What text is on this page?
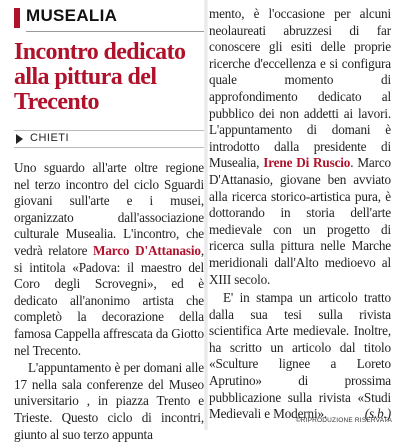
MUSEALIA
Incontro dedicato alla pittura del Trecento
CHIETI

Uno sguardo all'arte oltre regione nel terzo incontro del ciclo Sguardi giovani sull'arte e i musei, organizzato dall'associazione culturale Musealia. L'incontro, che vedrà relatore Marco D'Attanasio, si intitola «Padova: il maestro del Coro degli Scrovegni», ed è dedicato all'anonimo artista che completò la decorazione della famosa Cappella affrescata da Giotto nel Trecento.

L'appuntamento è per domani alle 17 nella sala conferenze del Museo universitario , in piazza Trento e Trieste. Questo ciclo di incontri, giunto al suo terzo appunta

mento, è l'occasione per alcuni neolaureati abruzzesi di far conoscere gli esiti delle proprie ricerche d'eccellenza e si configura quale momento di approfondimento dedicato al pubblico dei non addetti ai lavori. L'appuntamento di domani è introdotto dalla presidente di Musealia, Irene Di Ruscio. Marco D'Attanasio, giovane ben avviato alla ricerca storico-artistica pura, è dottorando in storia dell'arte medievale con un progetto di ricerca sulla pittura nelle Marche meridionali dall'Alto medioevo al XIII secolo.

E' in stampa un articolo tratto dalla sua tesi sulla rivista scientifica Arte medievale. Inoltre, ha scritto un articolo dal titolo «Sculture lignee a Loreto Aprutino» di prossima pubblicazione sulla rivista «Studi Medievali e Moderni».	(s.b.)

©RIPRODUZIONE RISERVATA
